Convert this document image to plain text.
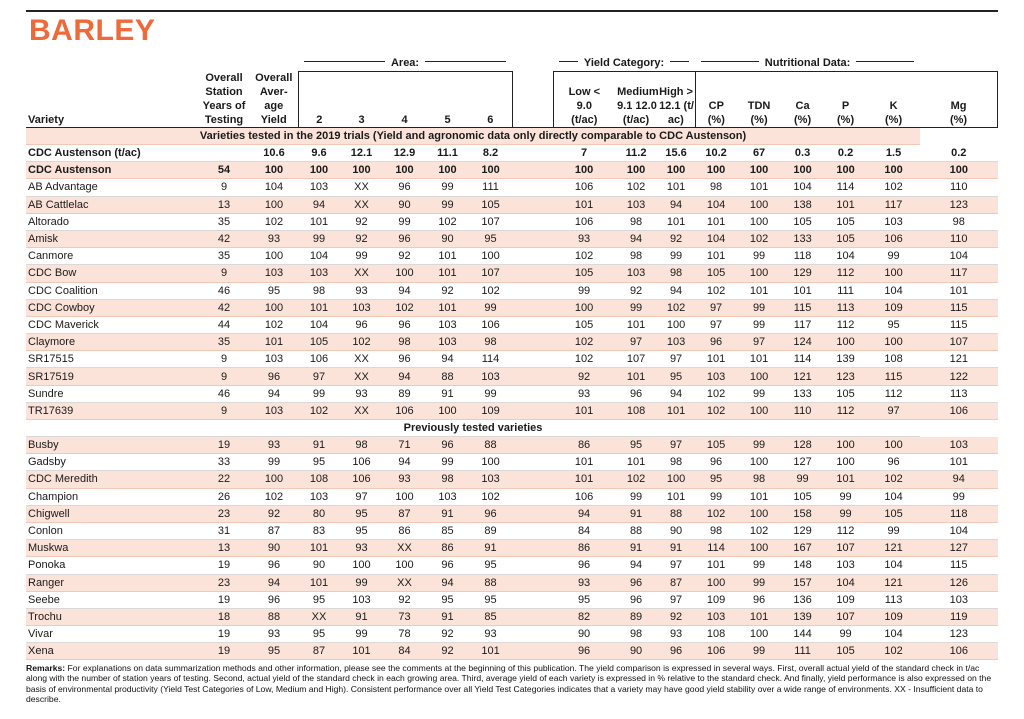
BARLEY

Area:						Yield Category:			Nutritional Data:					
Variety	Overall
Station
Years of
Testing	Overall
Aver-
age
Yield	2	3	4	5	6		Low <
9.0
(t/ac)	Medium
9.1 12.0
(t/ac)	High >
12.1 (t/
ac)	CP
(%)	TDN
(%)	Ca
(%)	P
(%)	K
(%)	Mg
(%)
Varieties tested in the 2019 trials (Yield and agronomic data only directly comparable to CDC Austenson)																	
CDC Austenson (t/ac)		10.6	9.6	12.1	12.9	11.1	8.2		7	11.2	15.6	10.2	67	0.3	0.2	1.5	0.2
CDC Austenson	54	100	100	100	100	100	100		100	100	100	100	100	100	100	100	100
AB Advantage	9	104	103	XX	96	99	111		106	102	101	98	101	104	114	102	110
AB Cattlelac	13	100	94	XX	90	99	105		101	103	94	104	100	138	101	117	123
Altorado	35	102	101	92	99	102	107		106	98	101	101	100	105	105	103	98
Amisk	42	93	99	92	96	90	95		93	94	92	104	102	133	105	106	110
Canmore	35	100	104	99	92	101	100		102	98	99	101	99	118	104	99	104
CDC Bow	9	103	103	XX	100	101	107		105	103	98	105	100	129	112	100	117
CDC Coalition	46	95	98	93	94	92	102		99	92	94	102	101	101	111	104	101
CDC Cowboy	42	100	101	103	102	101	99		100	99	102	97	99	115	113	109	115
CDC Maverick	44	102	104	96	96	103	106		105	101	100	97	99	117	112	95	115
Claymore	35	101	105	102	98	103	98		102	97	103	96	97	124	100	100	107
SR17515	9	103	106	XX	96	94	114		102	107	97	101	101	114	139	108	121
SR17519	9	96	97	XX	94	88	103		92	101	95	103	100	121	123	115	122
Sundre	46	94	99	93	89	91	99		93	96	94	102	99	133	105	112	113
TR17639	9	103	102	XX	106	100	109		101	108	101	102	100	110	112	97	106
Previously tested varieties																	
Busby	19	93	91	98	71	96	88		86	95	97	105	99	128	100	100	103
Gadsby	33	99	95	106	94	99	100		101	101	98	96	100	127	100	96	101
CDC Meredith	22	100	108	106	93	98	103		101	102	100	95	98	99	101	102	94
Champion	26	102	103	97	100	103	102		106	99	101	99	101	105	99	104	99
Chigwell	23	92	80	95	87	91	96		94	91	88	102	100	158	99	105	118
Conlon	31	87	83	95	86	85	89		84	88	90	98	102	129	112	99	104
Muskwa	13	90	101	93	XX	86	91		86	91	91	114	100	167	107	121	127
Ponoka	19	96	90	100	100	96	95		96	94	97	101	99	148	103	104	115
Ranger	23	94	101	99	XX	94	88		93	96	87	100	99	157	104	121	126
Seebe	19	96	95	103	92	95	95		95	96	97	109	96	136	109	113	103
Trochu	18	88	XX	91	73	91	85		82	89	92	103	101	139	107	109	119
Vivar	19	93	95	99	78	92	93		90	98	93	108	100	144	99	104	123
Xena	19	95	87	101	84	92	101		96	90	96	106	99	111	105	102	106
Remarks: For explanations on data summarization methods and other information, please see the comments at the beginning of this publication. The yield comparison is expressed in several ways. First, overall actual yield of the standard check in t/ac along with the number of station years of testing. Second, actual yield of the standard check in each growing area. Third, average yield of each variety is expressed in % relative to the standard check. And finally, yield performance is also expressed on the basis of environmental productivity (Yield Test Categories of Low, Medium and High). Consistent performance over all Yield Test Categories indicates that a variety may have good yield stability over a wide range of environments. XX - Insufficient data to describe.
